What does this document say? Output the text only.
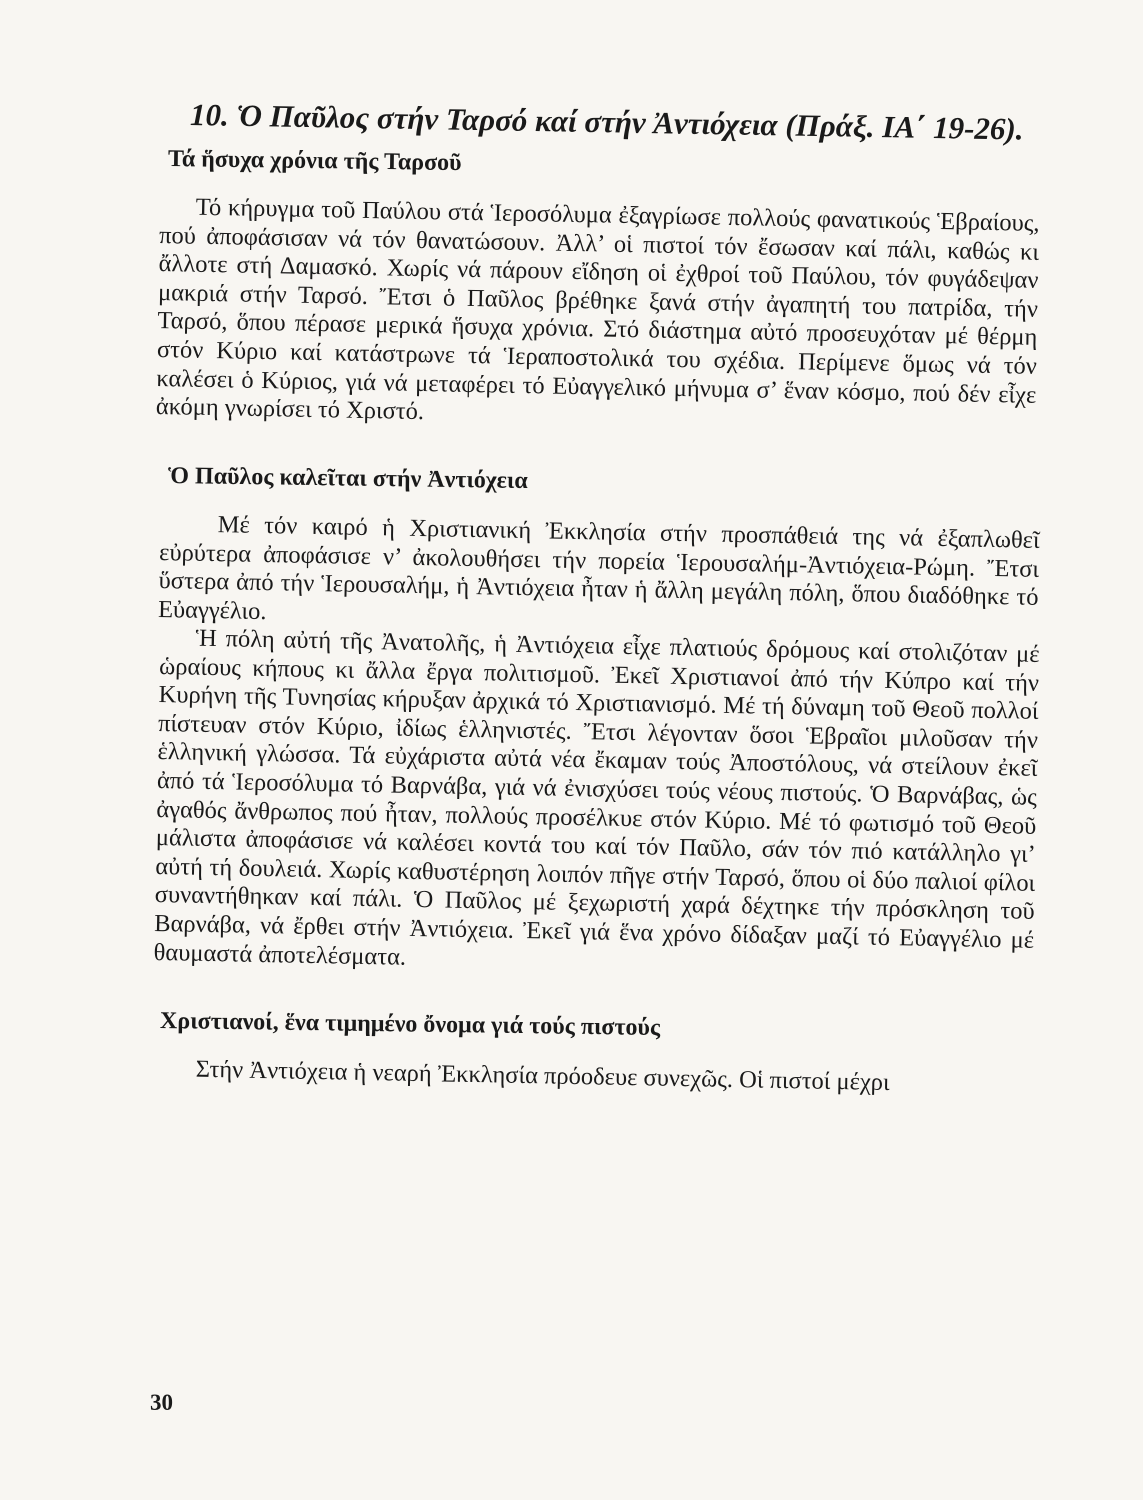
10. Ὁ Παῦλος στήν Ταρσό καί στήν Ἀντιόχεια (Πράξ. ΙΑ΄ 19-26).
Τά ἥσυχα χρόνια τῆς Ταρσοῦ

Τό κήρυγμα τοῦ Παύλου στά Ἱεροσόλυμα ἐξαγρίωσε πολλούς φανατικούς Ἑβραίους, πού ἀποφάσισαν νά τόν θανατώσουν. Ἀλλ’ οἱ πιστοί τόν ἔσωσαν καί πάλι, καθώς κι ἄλλοτε στή Δαμασκό. Χωρίς νά πάρουν εἴδηση οἱ ἐχθροί τοῦ Παύλου, τόν φυγάδεψαν μακριά στήν Ταρσό. Ἔτσι ὁ Παῦλος βρέθηκε ξανά στήν ἀγαπητή του πατρίδα, τήν Ταρσό, ὅπου πέρασε μερικά ἥσυχα χρόνια. Στό διάστημα αὐτό προσευχόταν μέ θέρμη στόν Κύριο καί κατάστρωνε τά Ἱεραποστολικά του σχέδια. Περίμενε ὅμως νά τόν καλέσει ὁ Κύριος, γιά νά μεταφέρει τό Εὐαγγελικό μήνυμα σ’ ἕναν κόσμο, πού δέν εἶχε ἀκόμη γνωρίσει τό Χριστό.

Ὁ Παῦλος καλεῖται στήν Ἀντιόχεια

Μέ τόν καιρό ἡ Χριστιανική Ἐκκλησία στήν προσπάθειά της νά ἐξαπλωθεῖ εὐρύτερα ἀποφάσισε ν’ ἀκολουθήσει τήν πορεία Ἱερουσαλήμ-Ἀντιόχεια-Ρώμη. Ἔτσι ὕστερα ἀπό τήν Ἱερουσαλήμ, ἡ Ἀντιόχεια ἦταν ἡ ἄλλη μεγάλη πόλη, ὅπου διαδόθηκε τό Εὐαγγέλιο.

Ἡ πόλη αὐτή τῆς Ἀνατολῆς, ἡ Ἀντιόχεια εἶχε πλατιούς δρόμους καί στολιζόταν μέ ὡραίους κήπους κι ἄλλα ἔργα πολιτισμοῦ. Ἐκεῖ Χριστιανοί ἀπό τήν Κύπρο καί τήν Κυρήνη τῆς Τυνησίας κήρυξαν ἀρχικά τό Χριστιανισμό. Μέ τή δύναμη τοῦ Θεοῦ πολλοί πίστευαν στόν Κύριο, ἰδίως ἑλληνιστές. Ἔτσι λέγονταν ὅσοι Ἑβραῖοι μιλοῦσαν τήν ἑλληνική γλώσσα. Τά εὐχάριστα αὐτά νέα ἔκαμαν τούς Ἀποστόλους, νά στείλουν ἐκεῖ ἀπό τά Ἱεροσόλυμα τό Βαρνάβα, γιά νά ἐνισχύσει τούς νέους πιστούς. Ὁ Βαρνάβας, ὡς ἀγαθός ἄνθρωπος πού ἦταν, πολλούς προσέλκυε στόν Κύριο. Μέ τό φωτισμό τοῦ Θεοῦ μάλιστα ἀποφάσισε νά καλέσει κοντά του καί τόν Παῦλο, σάν τόν πιό κατάλληλο γι’ αὐτή τή δουλειά. Χωρίς καθυστέρηση λοιπόν πῆγε στήν Ταρσό, ὅπου οἱ δύο παλιοί φίλοι συναντήθηκαν καί πάλι. Ὁ Παῦλος μέ ξεχωριστή χαρά δέχτηκε τήν πρόσκληση τοῦ Βαρνάβα, νά ἔρθει στήν Ἀντιόχεια. Ἐκεῖ γιά ἕνα χρόνο δίδαξαν μαζί τό Εὐαγγέλιο μέ θαυμαστά ἀποτελέσματα.

Χριστιανοί, ἕνα τιμημένο ὄνομα γιά τούς πιστούς

Στήν Ἀντιόχεια ἡ νεαρή Ἐκκλησία πρόοδευε συνεχῶς. Οἱ πιστοί μέχρι

30
